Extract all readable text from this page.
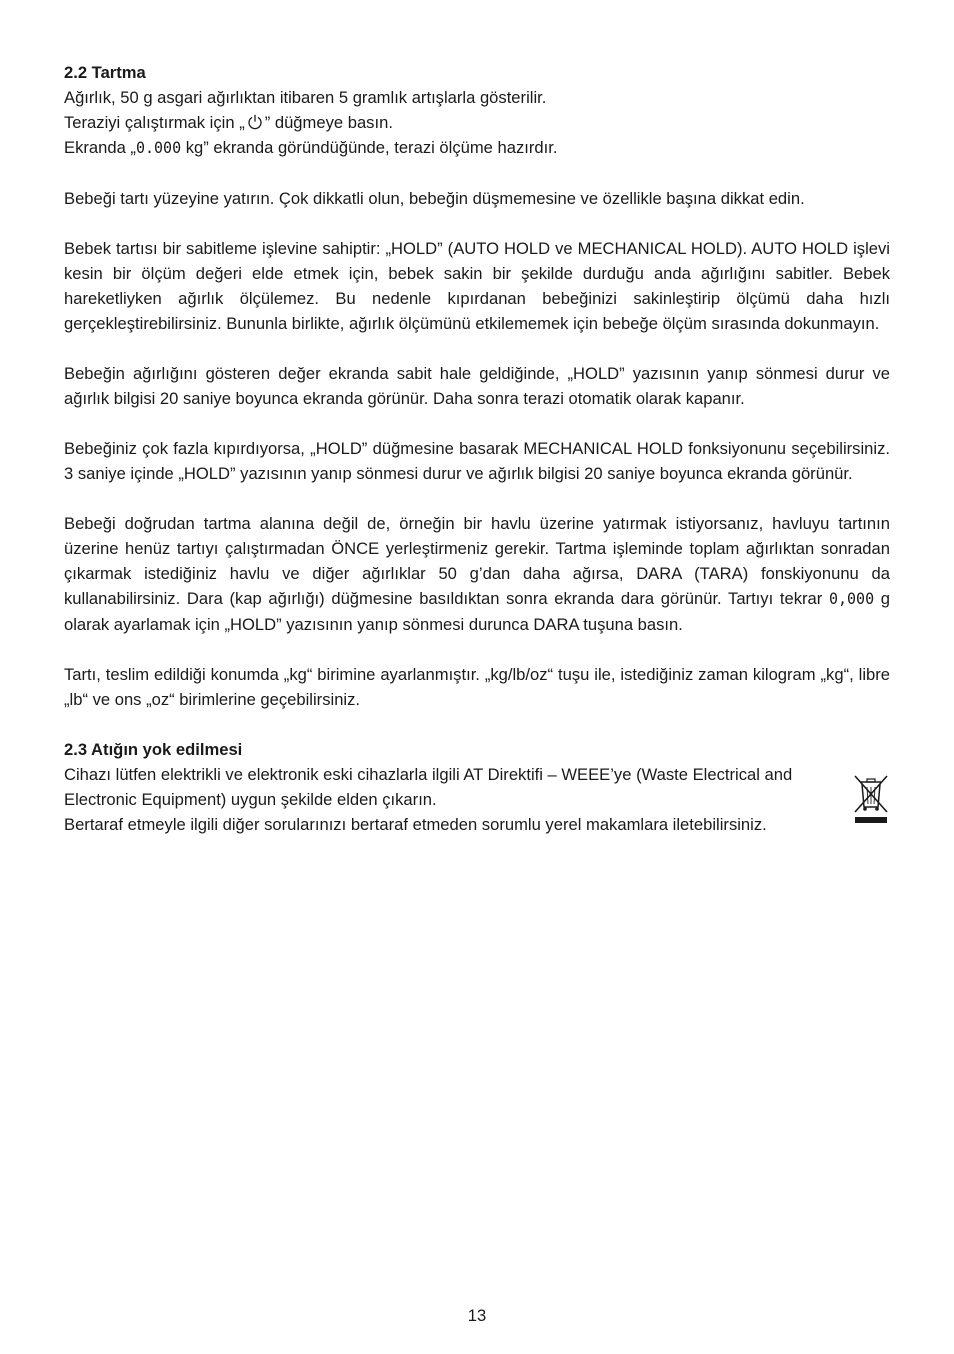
2.2 Tartma

Ağırlık, 50 g asgari ağırlıktan itibaren 5 gramlık artışlarla gösterilir.

Teraziyi çalıştırmak için „ ” düğmeye basın.

Ekranda „0.000 kg” ekranda göründüğünde, terazi ölçüme hazırdır.

Bebeği tartı yüzeyine yatırın. Çok dikkatli olun, bebeğin düşmemesine ve özellikle başına dikkat edin.

Bebek tartısı bir sabitleme işlevine sahiptir: „HOLD” (AUTO HOLD ve MECHANICAL HOLD). AUTO HOLD işlevi kesin bir ölçüm değeri elde etmek için, bebek sakin bir şekilde durduğu anda ağırlığını sabitler. Bebek hareketliyken ağırlık ölçülemez. Bu nedenle kıpırdanan bebeğinizi sakinleştirip ölçümü daha hızlı gerçekleştirebilirsiniz. Bununla birlikte, ağırlık ölçümünü etkilememek için bebeğe ölçüm sırasında dokunmayın.

Bebeğin ağırlığını gösteren değer ekranda sabit hale geldiğinde, „HOLD” yazısının yanıp sönmesi durur ve ağırlık bilgisi 20 saniye boyunca ekranda görünür. Daha sonra terazi otomatik olarak kapanır.

Bebeğiniz çok fazla kıpırdıyorsa, „HOLD” düğmesine basarak MECHANICAL HOLD fonksiyonunu seçebilirsiniz. 3 saniye içinde „HOLD” yazısının yanıp sönmesi durur ve ağırlık bilgisi 20 saniye boyunca ekranda görünür.

Bebeği doğrudan tartma alanına değil de, örneğin bir havlu üzerine yatırmak istiyorsanız, havluyu tartının üzerine henüz tartıyı çalıştırmadan ÖNCE yerleştirmeniz gerekir. Tartma işleminde toplam ağırlıktan sonradan çıkarmak istediğiniz havlu ve diğer ağırlıklar 50 g’dan daha ağırsa, DARA (TARA) fonskiyonunu da kullanabilirsiniz. Dara (kap ağırlığı) düğmesine basıldıktan sonra ekranda dara görünür. Tartıyı tekrar 0,000 g olarak ayarlamak için „HOLD” yazısının yanıp sönmesi durunca DARA tuşuna basın.

Tartı, teslim edildiği konumda „kg“ birimine ayarlanmıştır. „kg/lb/oz“ tuşu ile, istediğiniz zaman kilogram „kg“, libre „lb“ ve ons „oz“ birimlerine geçebilirsiniz.

2.3 Atığın yok edilmesi

Cihazı lütfen elektrikli ve elektronik eski cihazlarla ilgili AT Direktifi – WEEE’ye (Waste Electrical and Electronic Equipment) uygun şekilde elden çıkarın.

Bertaraf etmeyle ilgili diğer sorularınızı bertaraf etmeden sorumlu yerel makamlara iletebilirsiniz.

13
